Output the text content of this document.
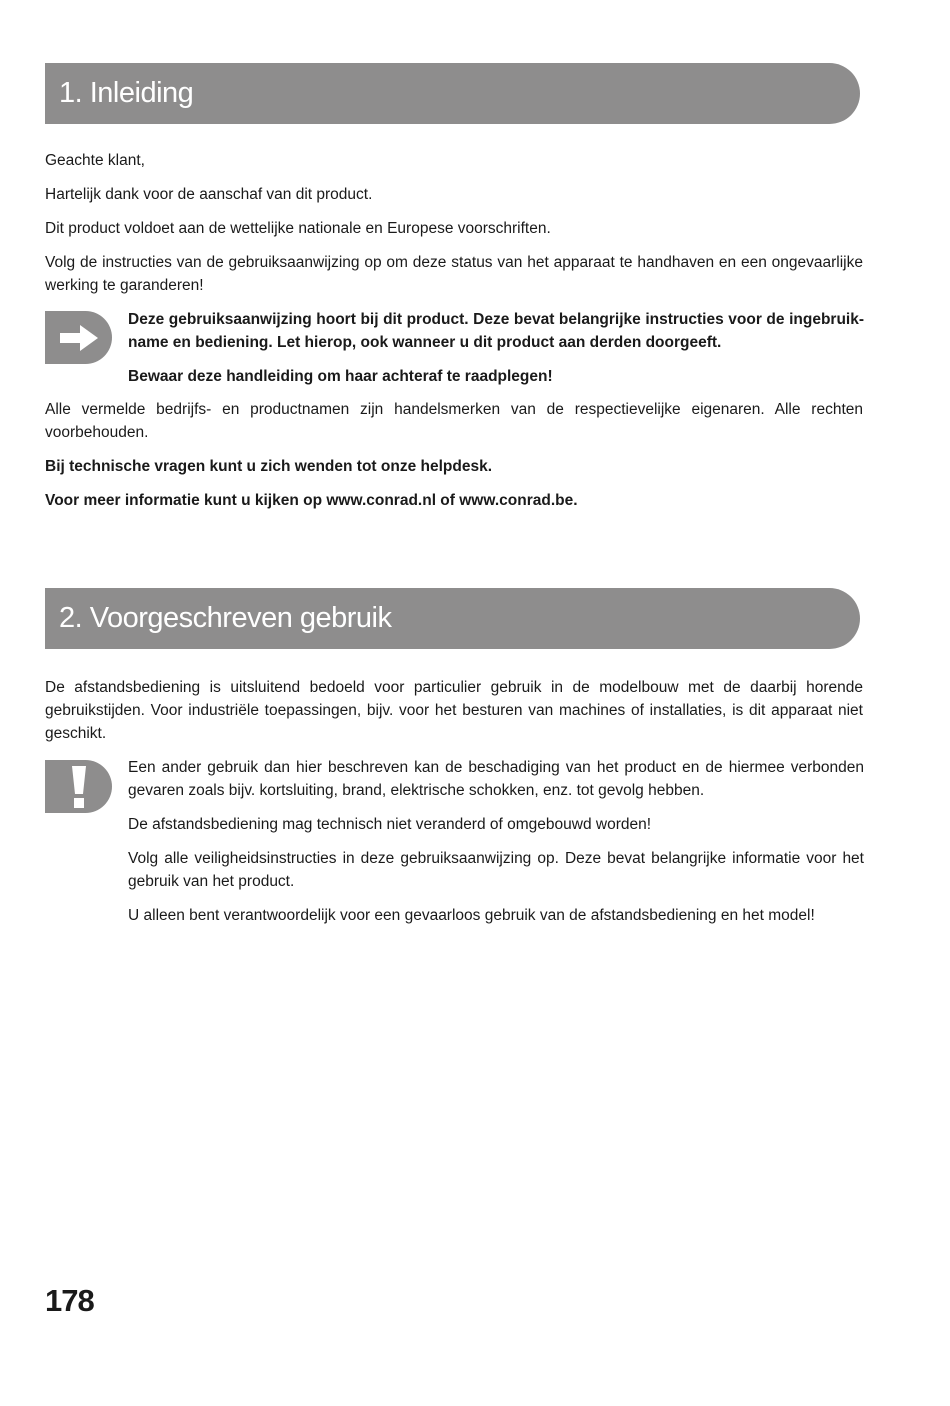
1. Inleiding

Geachte klant,

Hartelijk dank voor de aanschaf van dit product.

Dit product voldoet aan de wettelijke nationale en Europese voorschriften.

Volg de instructies van de gebruiksaanwijzing op om deze status van het apparaat te handhaven en een ongevaarlijke werking te garanderen!

Deze gebruiksaanwijzing hoort bij dit product. Deze bevat belangrijke instructies voor de ingebruik-name en bediening. Let hierop, ook wanneer u dit product aan derden doorgeeft.

Bewaar deze handleiding om haar achteraf te raadplegen!

Alle vermelde bedrijfs- en productnamen zijn handelsmerken van de respectievelijke eigenaren. Alle rechten voorbehouden.

Bij technische vragen kunt u zich wenden tot onze helpdesk.

Voor meer informatie kunt u kijken op www.conrad.nl of www.conrad.be.

2. Voorgeschreven gebruik

De afstandsbediening is uitsluitend bedoeld voor particulier gebruik in de modelbouw met de daarbij horende gebruikstijden. Voor industriële toepassingen, bijv. voor het besturen van machines of installaties, is dit apparaat niet geschikt.

Een ander gebruik dan hier beschreven kan de beschadiging van het product en de hiermee verbonden gevaren zoals bijv. kortsluiting, brand, elektrische schokken, enz. tot gevolg hebben.

De afstandsbediening mag technisch niet veranderd of omgebouwd worden!

Volg alle veiligheidsinstructies in deze gebruiksaanwijzing op. Deze bevat belangrijke informatie voor het gebruik van het product.

U alleen bent verantwoordelijk voor een gevaarloos gebruik van de afstandsbediening en het model!

178
